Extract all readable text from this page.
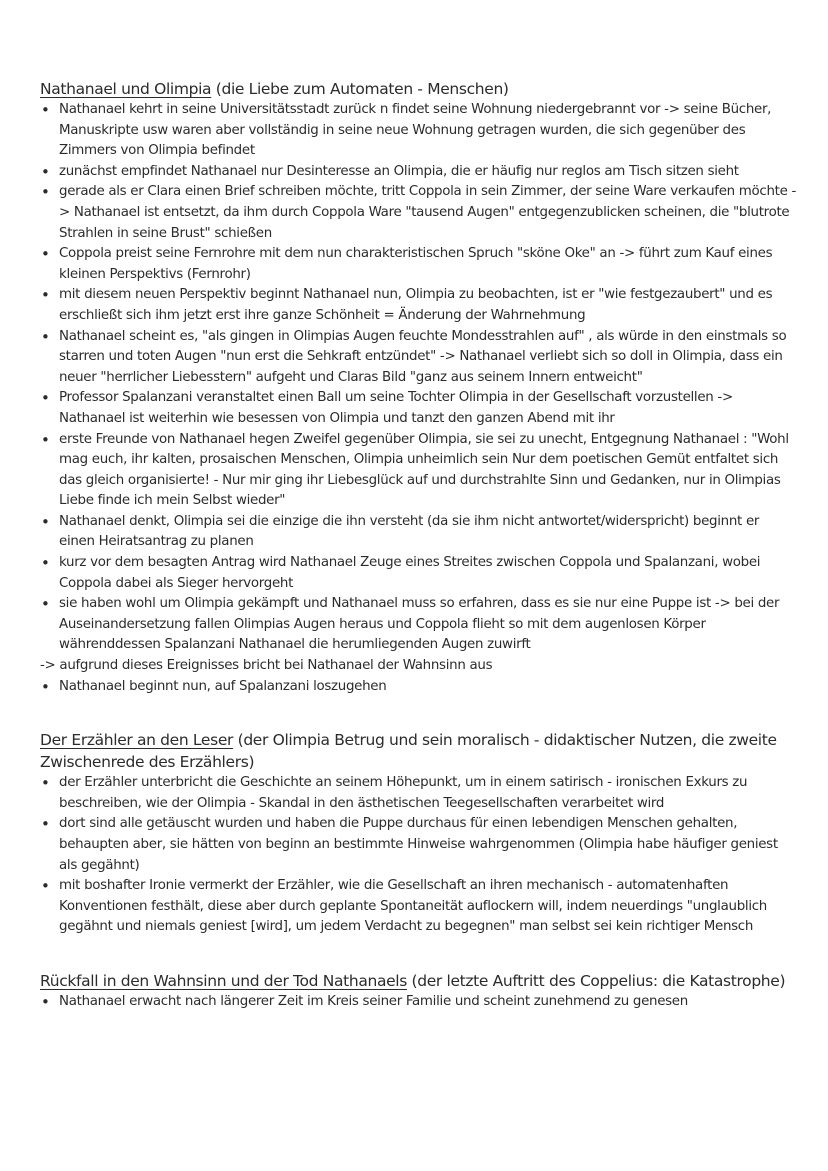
Nathanael und Olimpia (die Liebe zum Automaten - Menschen)
• Nathanael kehrt in seine Universitätsstadt zurück n findet seine Wohnung niedergebrannt vor -> seine Bücher, Manuskripte usw waren aber vollständig in seine neue Wohnung getragen wurden, die sich gegenüber des Zimmers von Olimpia befindet
• zunächst empfindet Nathanael nur Desinteresse an Olimpia, die er häufig nur reglos am Tisch sitzen sieht
• gerade als er Clara einen Brief schreiben möchte, tritt Coppola in sein Zimmer, der seine Ware verkaufen möchte -> Nathanael ist entsetzt, da ihm durch Coppola Ware "tausend Augen" entgegenzublicken scheinen, die "blutrote Strahlen in seine Brust" schießen
• Coppola preist seine Fernrohre mit dem nun charakteristischen Spruch "sköne Oke" an -> führt zum Kauf eines kleinen Perspektivs (Fernrohr)
• mit diesem neuen Perspektiv beginnt Nathanael nun, Olimpia zu beobachten, ist er "wie festgezaubert" und es erschließt sich ihm jetzt erst ihre ganze Schönheit = Änderung der Wahrnehmung
• Nathanael scheint es, "als gingen in Olimpias Augen feuchte Mondesstrahlen auf" , als würde in den einstmals so starren und toten Augen "nun erst die Sehkraft entzündet" -> Nathanael verliebt sich so doll in Olimpia, dass ein neuer "herrlicher Liebesstern" aufgeht und Claras Bild "ganz aus seinem Innern entweicht"
• Professor Spalanzani veranstaltet einen Ball um seine Tochter Olimpia in der Gesellschaft vorzustellen -> Nathanael ist weiterhin wie besessen von Olimpia und tanzt den ganzen Abend mit ihr
• erste Freunde von Nathanael hegen Zweifel gegenüber Olimpia, sie sei zu unecht, Entgegnung Nathanael : "Wohl mag euch, ihr kalten, prosaischen Menschen, Olimpia unheimlich sein Nur dem poetischen Gemüt entfaltet sich das gleich organisierte! - Nur mir ging ihr Liebesglück auf und durchstrahlte Sinn und Gedanken, nur in Olimpias Liebe finde ich mein Selbst wieder"
• Nathanael denkt, Olimpia sei die einzige die ihn versteht (da sie ihm nicht antwortet/widerspricht) beginnt er einen Heiratsantrag zu planen
• kurz vor dem besagten Antrag wird Nathanael Zeuge eines Streites zwischen Coppola und Spalanzani, wobei Coppola dabei als Sieger hervorgeht
• sie haben wohl um Olimpia gekämpft und Nathanael muss so erfahren, dass es sie nur eine Puppe ist -> bei der Auseinandersetzung fallen Olimpias Augen heraus und Coppola flieht so mit dem augenlosen Körper währenddessen Spalanzani Nathanael die herumliegenden Augen zuwirft
-> aufgrund dieses Ereignisses bricht bei Nathanael der Wahnsinn aus
• Nathanael beginnt nun, auf Spalanzani loszugehen
Der Erzähler an den Leser (der Olimpia Betrug und sein moralisch - didaktischer Nutzen, die zweite Zwischenrede des Erzählers)
• der Erzähler unterbricht die Geschichte an seinem Höhepunkt, um in einem satirisch - ironischen Exkurs zu beschreiben, wie der Olimpia - Skandal in den ästhetischen Teegesellschaften verarbeitet wird
• dort sind alle getäuscht wurden und haben die Puppe durchaus für einen lebendigen Menschen gehalten, behaupten aber, sie hätten von beginn an bestimmte Hinweise wahrgenommen (Olimpia habe häufiger geniest als gegähnt)
• mit boshafter Ironie vermerkt der Erzähler, wie die Gesellschaft an ihren mechanisch - automatenhaften Konventionen festhält, diese aber durch geplante Spontaneität auflockern will, indem neuerdings "unglaublich gegähnt und niemals geniest [wird], um jedem Verdacht zu begegnen" man selbst sei kein richtiger Mensch
Rückfall in den Wahnsinn und der Tod Nathanaels (der letzte Auftritt des Coppelius: die Katastrophe)
• Nathanael erwacht nach längerer Zeit im Kreis seiner Familie und scheint zunehmend zu genesen
